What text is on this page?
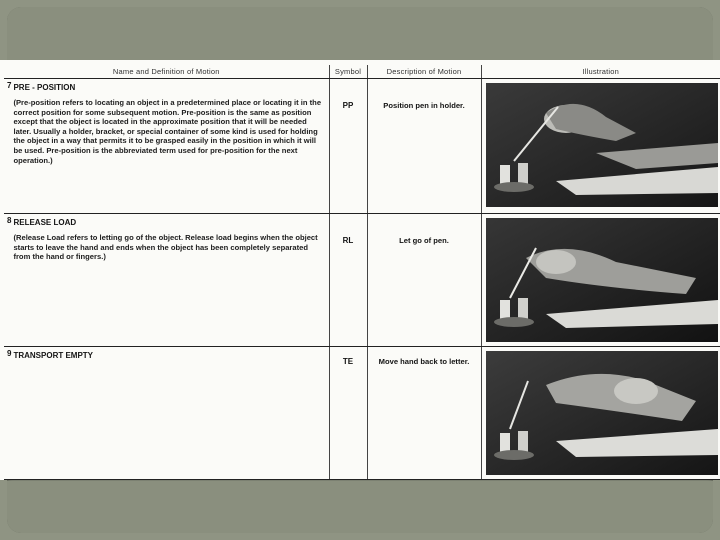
Name and Definition of Motion	Symbol	Description of Motion	Illustration

7 PRE - POSITION

(Pre-position refers to locating an object in a predetermined place or locating it in the correct position for some subsequent motion. Pre-position is the same as position except that the object is located in the approximate position that it will be needed later. Usually a holder, bracket, or special container of some kind is used for holding the object in a way that permits it to be grasped easily in the position in which it will be used. Pre-position is the abbreviated term used for pre-position for the next operation.)	PP	Position pen in holder.	

8 RELEASE LOAD

(Release Load refers to letting go of the object. Release load begins when the object starts to leave the hand and ends when the object has been completely separated from the hand or fingers.)	RL	Let go of pen.	

9 TRANSPORT EMPTY	TE	Move hand back to letter.	
